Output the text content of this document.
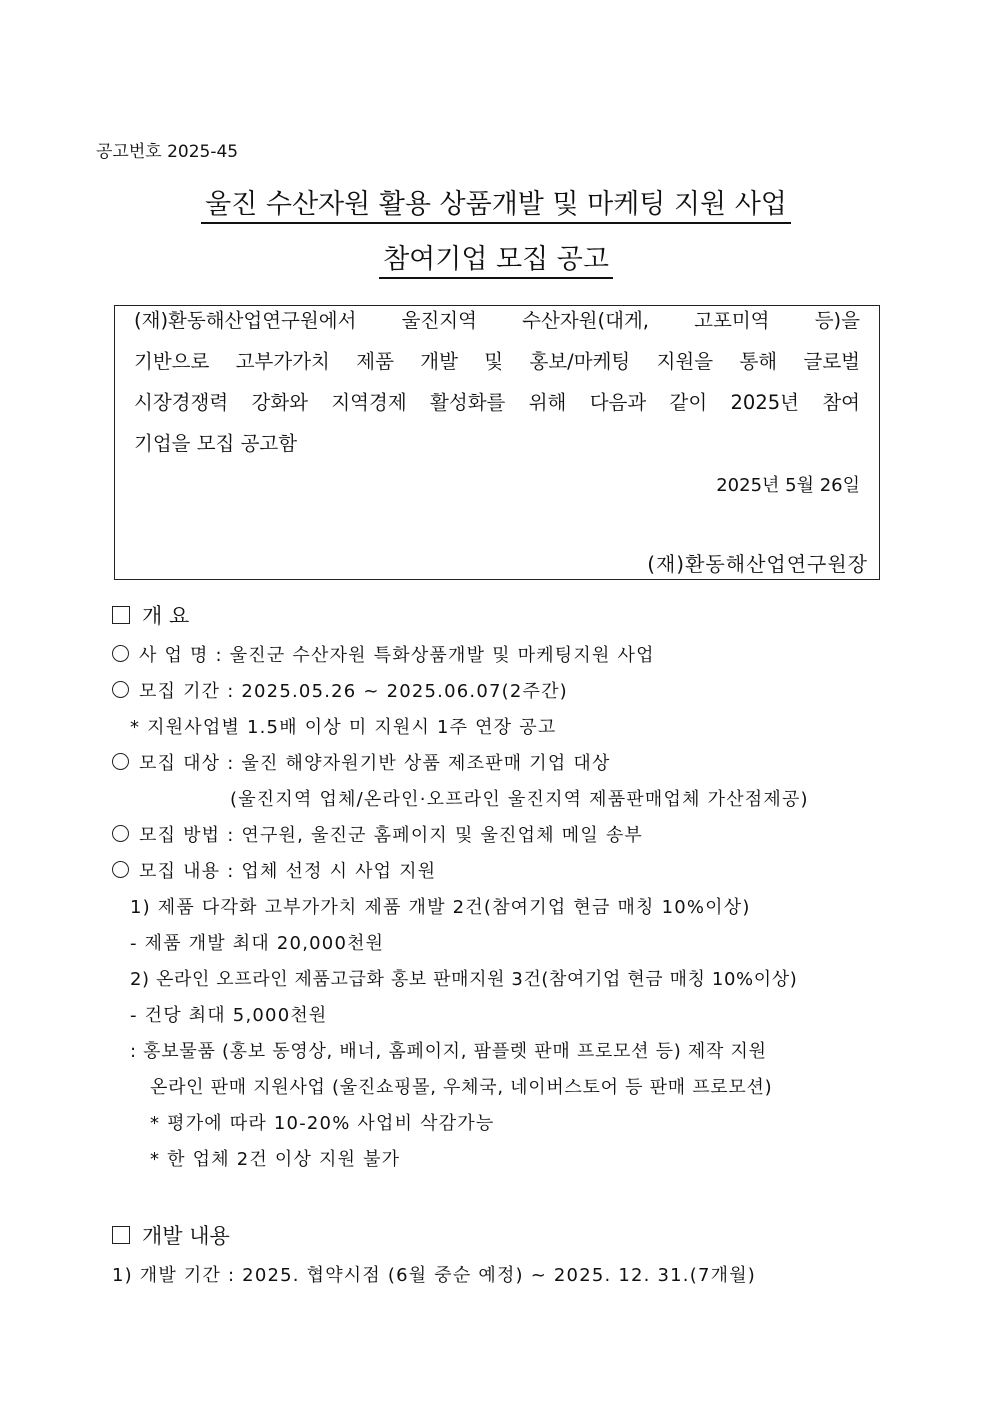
공고번호 2025-45
울진 수산자원 활용 상품개발 및 마케팅 지원 사업
참여기업 모집 공고
(재)환동해산업연구원에서 울진지역 수산자원(대게, 고포미역 등)을
기반으로 고부가가치 제품 개발 및 홍보/마케팅 지원을 통해 글로벌
시장경쟁력 강화와 지역경제 활성화를 위해 다음과 같이 2025년 참여
기업을 모집 공고함
2025년 5월 26일
(재)환동해산업연구원장
개 요
사 업 명 : 울진군 수산자원 특화상품개발 및 마케팅지원 사업
모집 기간 : 2025.05.26 ~ 2025.06.07(2주간)
* 지원사업별 1.5배 이상 미 지원시 1주 연장 공고
모집 대상 : 울진 해양자원기반 상품 제조판매 기업 대상
(울진지역 업체/온라인·오프라인 울진지역 제품판매업체 가산점제공)
모집 방법 : 연구원, 울진군 홈페이지 및 울진업체 메일 송부
모집 내용 : 업체 선정 시 사업 지원
1) 제품 다각화 고부가가치 제품 개발 2건(참여기업 현금 매칭 10%이상)
- 제품 개발 최대 20,000천원
2) 온라인 오프라인 제품고급화 홍보 판매지원 3건(참여기업 현금 매칭 10%이상)
- 건당 최대 5,000천원
: 홍보물품 (홍보 동영상, 배너, 홈페이지, 팜플렛 판매 프로모션 등) 제작 지원
온라인 판매 지원사업 (울진쇼핑몰, 우체국, 네이버스토어 등 판매 프로모션)
* 평가에 따라 10-20% 사업비 삭감가능
* 한 업체 2건 이상 지원 불가
개발 내용
1) 개발 기간 : 2025. 협약시점 (6월 중순 예정) ~ 2025. 12. 31.(7개월)
